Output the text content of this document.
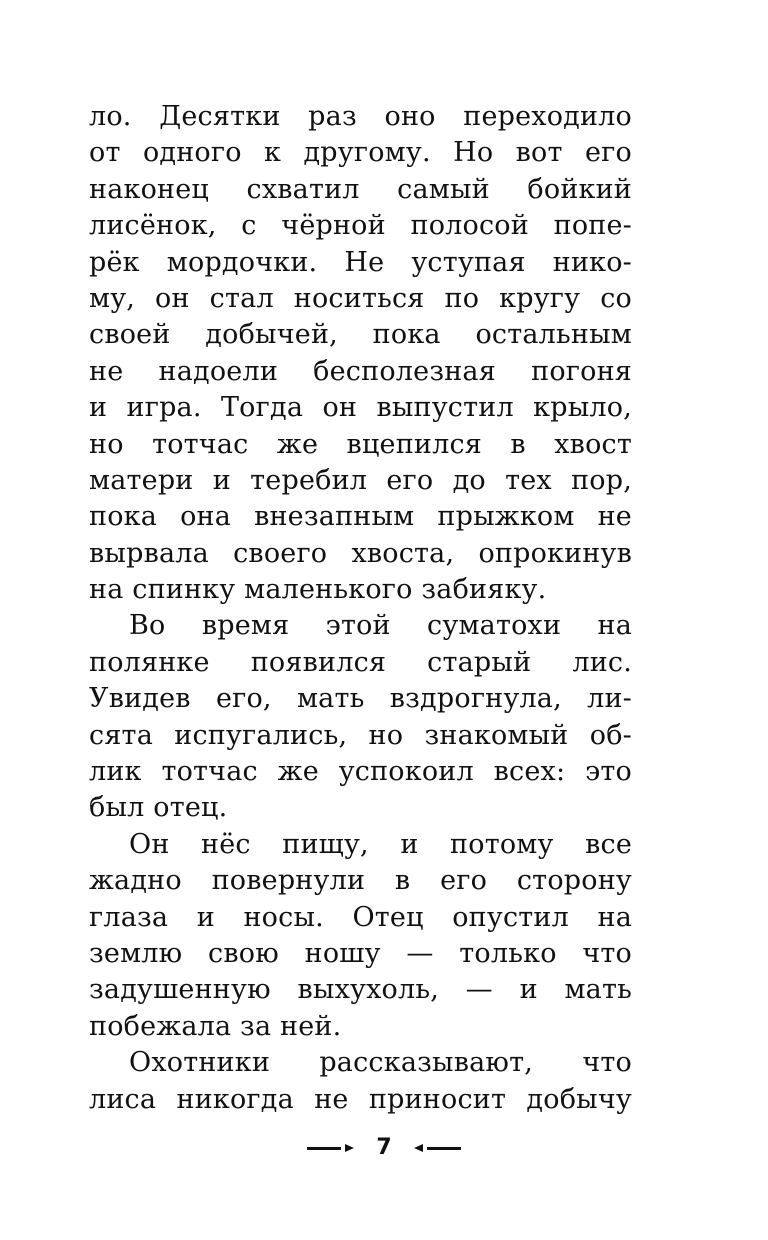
ло. Десятки раз оно переходило
от одного к другому. Но вот его
наконец схватил самый бойкий
лисёнок, с чёрной полосой попе-
рёк мордочки. Не уступая нико-
му, он стал носиться по кругу со
своей добычей, пока остальным
не надоели бесполезная погоня
и игра. Тогда он выпустил крыло,
но тотчас же вцепился в хвост
матери и теребил его до тех пор,
пока она внезапным прыжком не
вырвала своего хвоста, опрокинув
на спинку маленького забияку.
Во время этой суматохи на
полянке появился старый лис.
Увидев его, мать вздрогнула, ли-
сята испугались, но знакомый об-
лик тотчас же успокоил всех: это
был отец.
Он нёс пищу, и потому все
жадно повернули в его сторону
глаза и носы. Отец опустил на
землю свою ношу — только что
задушенную выхухоль, — и мать
побежала за ней.
Охотники рассказывают, что
лиса никогда не приносит добычу
7
